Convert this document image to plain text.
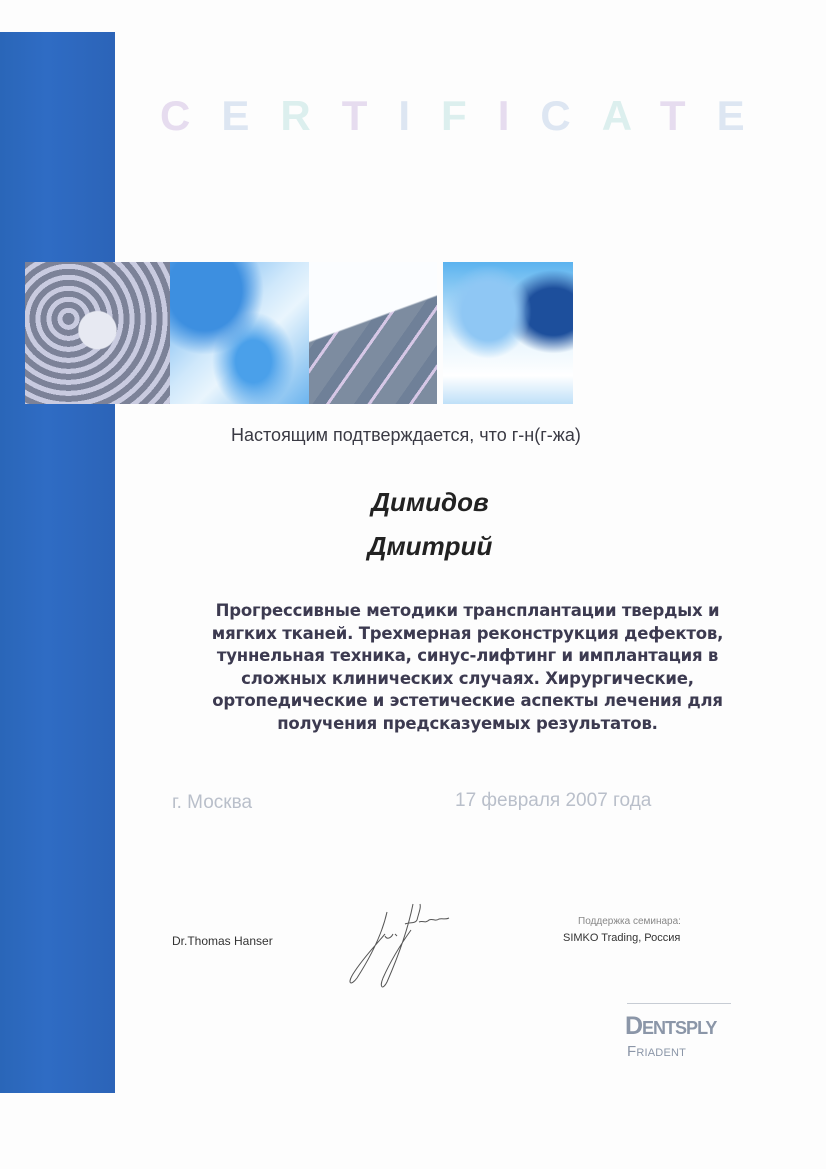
CERTIFICATE
Настоящим подтверждается, что г-н(г-жа)
Димидов
Дмитрий
Прогрессивные методики трансплантации твердых и мягких тканей. Трехмерная реконструкция дефектов, туннельная техника, синус-лифтинг и имплантация в сложных клинических случаях. Хирургические, ортопедические и эстетические аспекты лечения для получения предсказуемых результатов.
г. Москва	17 февраля 2007 года
Dr.Thomas Hanser
Поддержка семинара:
SIMKO Trading, Россия
Dentsply
Friadent
